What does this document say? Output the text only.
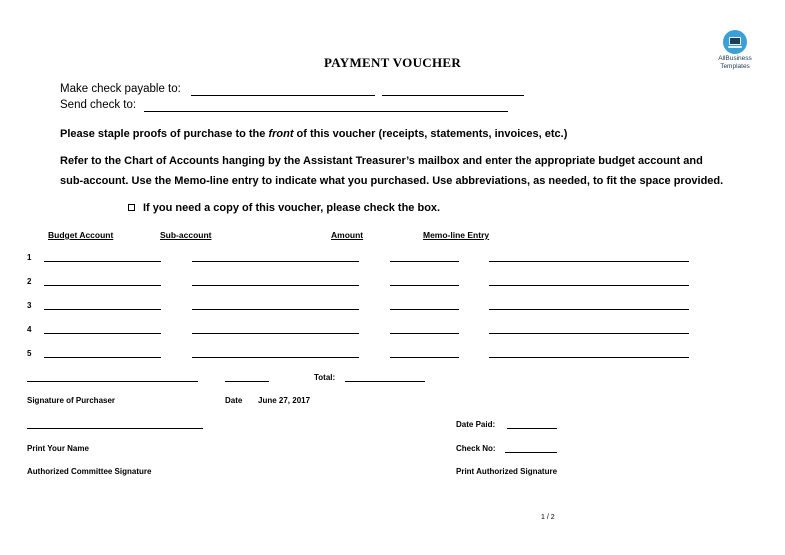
PAYMENT VOUCHER	AllBusiness
Templates
Make check payable to:
Send check to:
Please staple proofs of purchase to the front of this voucher (receipts, statements, invoices, etc.)
Refer to the Chart of Accounts hanging by the Assistant Treasurer’s mailbox and enter the appropriate budget account and
sub-account. Use the Memo-line entry to indicate what you purchased. Use abbreviations, as needed, to fit the space provided.
If you need a copy of this voucher, please check the box.
Budget Account	Sub-account	Amount	Memo-line Entry
1
2
3
4
5
Total:
Signature of Purchaser	Date June 27, 2017
Date Paid:
Print Your Name	Check No:
Authorized Committee Signature	Print Authorized Signature
1 / 2
